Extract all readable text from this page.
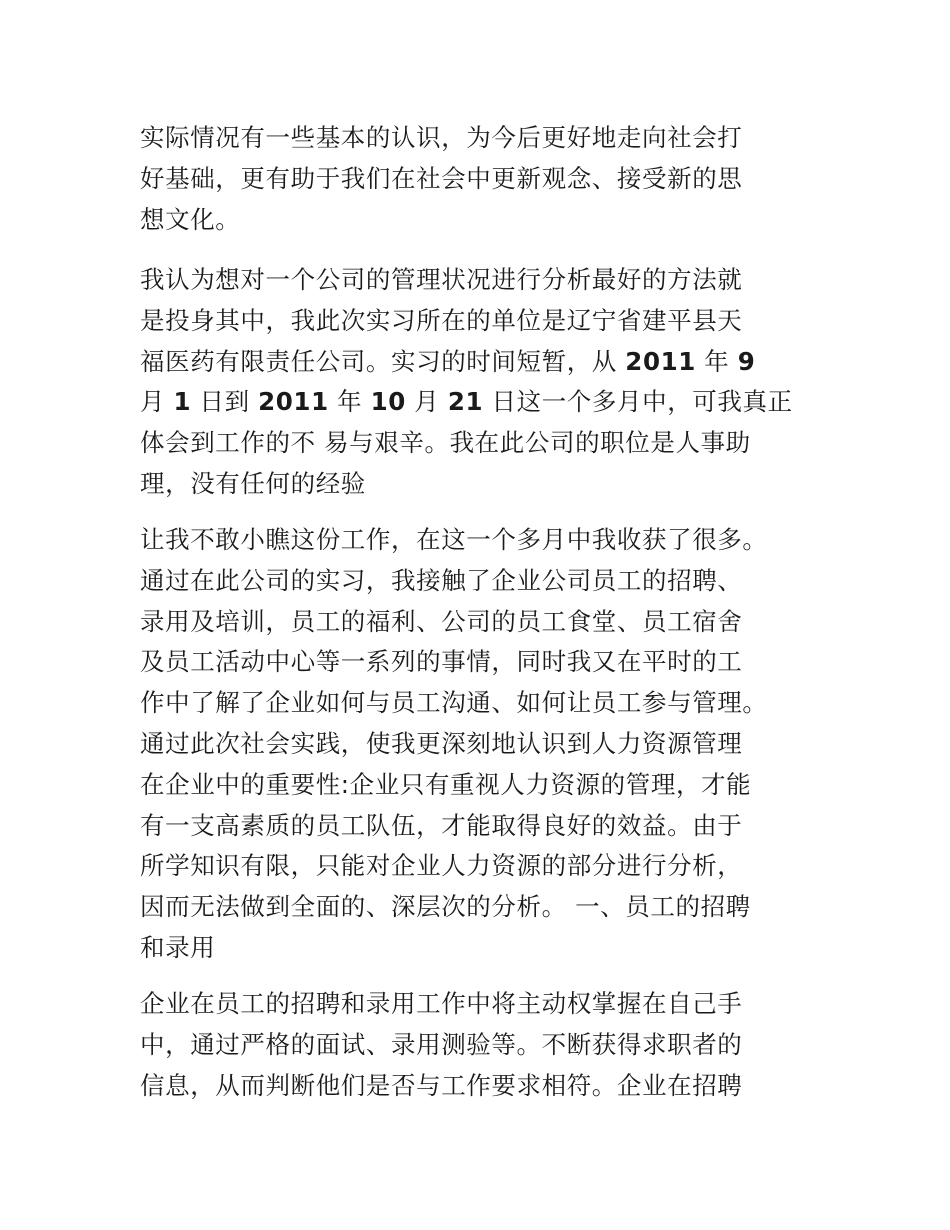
实际情况有一些基本的认识，为今后更好地走向社会打
好基础，更有助于我们在社会中更新观念、接受新的思
想文化。
我认为想对一个公司的管理状况进行分析最好的方法就
是投身其中，我此次实习所在的单位是辽宁省建平县天
福医药有限责任公司。实习的时间短暂，从 2011 年 9
月 1 日到 2011 年 10 月 21 日这一个多月中，可我真正
体会到工作的不 易与艰辛。我在此公司的职位是人事助
理，没有任何的经验
让我不敢小瞧这份工作，在这一个多月中我收获了很多。
通过在此公司的实习，我接触了企业公司员工的招聘、
录用及培训，员工的福利、公司的员工食堂、员工宿舍
及员工活动中心等一系列的事情，同时我又在平时的工
作中了解了企业如何与员工沟通、如何让员工参与管理。
通过此次社会实践，使我更深刻地认识到人力资源管理
在企业中的重要性:企业只有重视人力资源的管理，才能
有一支高素质的员工队伍，才能取得良好的效益。由于
所学知识有限，只能对企业人力资源的部分进行分析，
因而无法做到全面的、深层次的分析。 一、员工的招聘
和录用
企业在员工的招聘和录用工作中将主动权掌握在自己手
中，通过严格的面试、录用测验等。不断获得求职者的
信息，从而判断他们是否与工作要求相符。企业在招聘
